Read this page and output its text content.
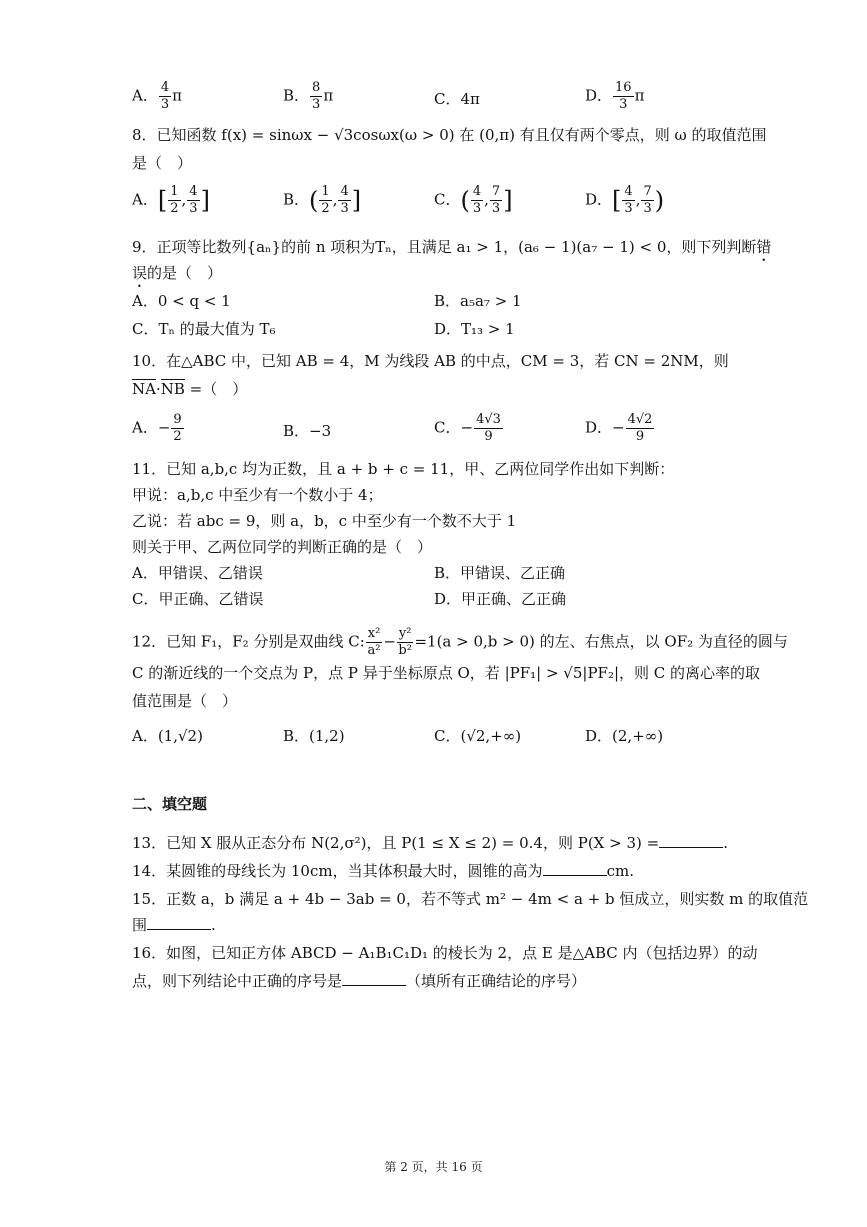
A． $\frac{4}{3}$ π	B． $\frac{8}{3}$ π	C．4π	D． $\frac{16}{3}$ π
8．已知函数 f(x) = sinωx − √3cosωx(ω > 0) 在 (0,π) 有且仅有两个零点，则 ω 的取值范围
是（　）
A．[ $\frac{1}{2}$ , $\frac{4}{3}$ ]	B．( $\frac{1}{2}$ , $\frac{4}{3}$ ]	C．( $\frac{4}{3}$ , $\frac{7}{3}$ ]	D．[ $\frac{4}{3}$ , $\frac{7}{3}$ )
9．正项等比数列{aₙ}的前 n 项积为Tₙ，且满足 a₁ > 1，(a₆ − 1)(a₇ − 1) < 0，则下列判断错
误的是（　）
A．0 < q < 1	B．a₅a₇ > 1
C．Tₙ 的最大值为 T₆	D．T₁₃ > 1
10．在△ABC 中，已知 AB = 4，M 为线段 AB 的中点，CM = 3，若 CN = 2NM，则
NA·NB =（　）
A．− $\frac{9}{2}$	B．−3	C．− $\frac{4√3}{9}$	D．− $\frac{4√2}{9}$
11．已知 a,b,c 均为正数，且 a + b + c = 11，甲、乙两位同学作出如下判断：
甲说：a,b,c 中至少有一个数小于 4；
乙说：若 abc = 9，则 a，b，c 中至少有一个数不大于 1
则关于甲、乙两位同学的判断正确的是（　）
A．甲错误、乙错误	B．甲错误、乙正确
C．甲正确、乙错误	D．甲正确、乙正确
12．已知 F₁，F₂ 分别是双曲线 C: $\frac{\text{x²}}{\text{a²}} - \frac{\text{y²}}{\text{b²}} =1(a > 0,b > 0)$ 的左、右焦点，以 OF₂ 为直径的圆与
C 的渐近线的一个交点为 P，点 P 异于坐标原点 O，若 |PF₁| > √5|PF₂|，则 C 的离心率的取
值范围是（　）
A．(1,√2)	B．(1,2)	C．(√2,+∞)	D．(2,+∞)
二、填空题
13．已知 X 服从正态分布 N(2,σ²)，且 P(1 ≤ X ≤ 2) = 0.4，则 P(X > 3) =	.
14．某圆锥的母线长为 10cm，当其体积最大时，圆锥的高为	cm.
15．正数 a，b 满足 a + 4b − 3ab = 0，若不等式 m² − 4m < a + b 恒成立，则实数 m 的取值范
围	.
16．如图，已知正方体 ABCD − A₁B₁C₁D₁ 的棱长为 2，点 E 是△ABC 内（包括边界）的动
点，则下列结论中正确的序号是	（填所有正确结论的序号）
第 2 页，共 16 页
